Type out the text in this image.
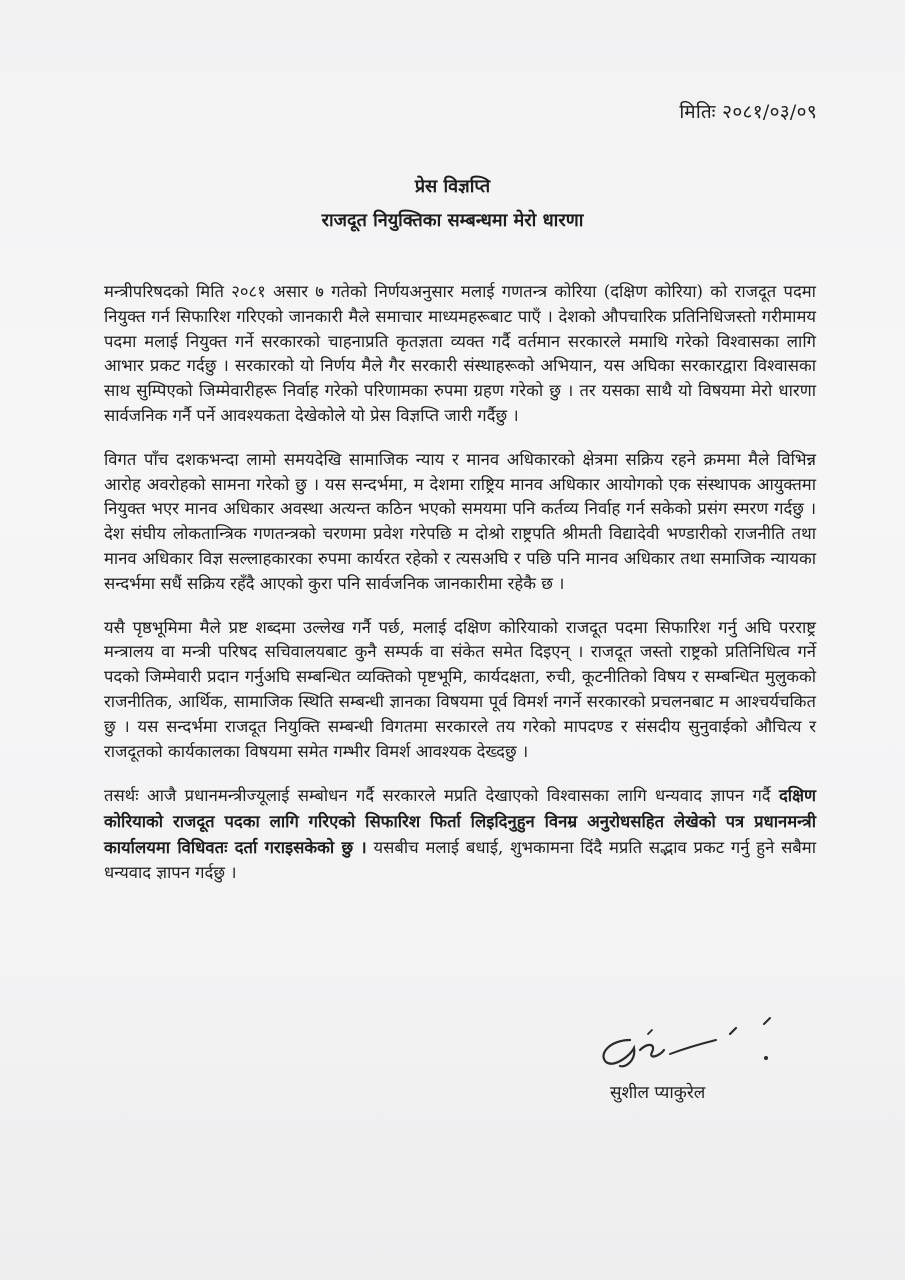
मितिः २०८१/०३/०९
प्रेस विज्ञप्ति
राजदूत नियुक्तिका सम्बन्धमा मेरो धारणा

मन्त्रीपरिषदको मिति २०८१ असार ७ गतेको निर्णयअनुसार मलाई गणतन्त्र कोरिया (दक्षिण कोरिया) को राजदूत पदमा नियुक्त गर्न सिफारिश गरिएको जानकारी मैले समाचार माध्यमहरूबाट पाएँ । देशको औपचारिक प्रतिनिधिजस्तो गरीमामय पदमा मलाई नियुक्त गर्ने सरकारको चाहनाप्रति कृतज्ञता व्यक्त गर्दै वर्तमान सरकारले ममाथि गरेको विश्वासका लागि आभार प्रकट गर्दछु । सरकारको यो निर्णय मैले गैर सरकारी संस्थाहरूको अभियान, यस अघिका सरकारद्वारा विश्वासका साथ सुम्पिएको जिम्मेवारीहरू निर्वाह गरेको परिणामका रुपमा ग्रहण गरेको छु । तर यसका साथै यो विषयमा मेरो धारणा सार्वजनिक गर्नै पर्ने आवश्यकता देखेकोले यो प्रेस विज्ञप्ति जारी गर्दैछु ।

विगत पाँच दशकभन्दा लामो समयदेखि सामाजिक न्याय र मानव अधिकारको क्षेत्रमा सक्रिय रहने क्रममा मैले विभिन्न आरोह अवरोहको सामना गरेको छु । यस सन्दर्भमा, म देशमा राष्ट्रिय मानव अधिकार आयोगको एक संस्थापक आयुक्तमा नियुक्त भएर मानव अधिकार अवस्था अत्यन्त कठिन भएको समयमा पनि कर्तव्य निर्वाह गर्न सकेको प्रसंग स्मरण गर्दछु । देश संघीय लोकतान्त्रिक गणतन्त्रको चरणमा प्रवेश गरेपछि म दोश्रो राष्ट्रपति श्रीमती विद्यादेवी भण्डारीको राजनीति तथा मानव अधिकार विज्ञ सल्लाहकारका रुपमा कार्यरत रहेको र त्यसअघि र पछि पनि मानव अधिकार तथा समाजिक न्यायका सन्दर्भमा सधैं सक्रिय रहँदै आएको कुरा पनि सार्वजनिक जानकारीमा रहेकै छ ।

यसै पृष्ठभूमिमा मैले प्रष्ट शब्दमा उल्लेख गर्नै पर्छ, मलाई दक्षिण कोरियाको राजदूत पदमा सिफारिश गर्नु अघि परराष्ट्र मन्त्रालय वा मन्त्री परिषद सचिवालयबाट कुनै सम्पर्क वा संकेत समेत दिइएन् । राजदूत जस्तो राष्ट्रको प्रतिनिधित्व गर्ने पदको जिम्मेवारी प्रदान गर्नुअघि सम्बन्धित व्यक्तिको पृष्टभूमि, कार्यदक्षता, रुची, कूटनीतिको विषय र सम्बन्धित मुलुकको राजनीतिक, आर्थिक, सामाजिक स्थिति सम्बन्धी ज्ञानका विषयमा पूर्व विमर्श नगर्ने सरकारको प्रचलनबाट म आश्चर्यचकित छु । यस सन्दर्भमा राजदूत नियुक्ति सम्बन्धी विगतमा सरकारले तय गरेको मापदण्ड र संसदीय सुनुवाईको औचित्य र राजदूतको कार्यकालका विषयमा समेत गम्भीर विमर्श आवश्यक देख्दछु ।

तसर्थः आजै प्रधानमन्त्रीज्यूलाई सम्बोधन गर्दै सरकारले मप्रति देखाएको विश्वासका लागि धन्यवाद ज्ञापन गर्दै दक्षिण कोरियाको राजदूत पदका लागि गरिएको सिफारिश फिर्ता लिइदिनुहुन विनम्र अनुरोधसहित लेखेको पत्र प्रधानमन्त्री कार्यालयमा विधिवतः दर्ता गराइसकेको छु । यसबीच मलाई बधाई, शुभकामना दिंदै मप्रति सद्भाव प्रकट गर्नु हुने सबैमा धन्यवाद ज्ञापन गर्दछु ।

सुशील प्याकुरेल
